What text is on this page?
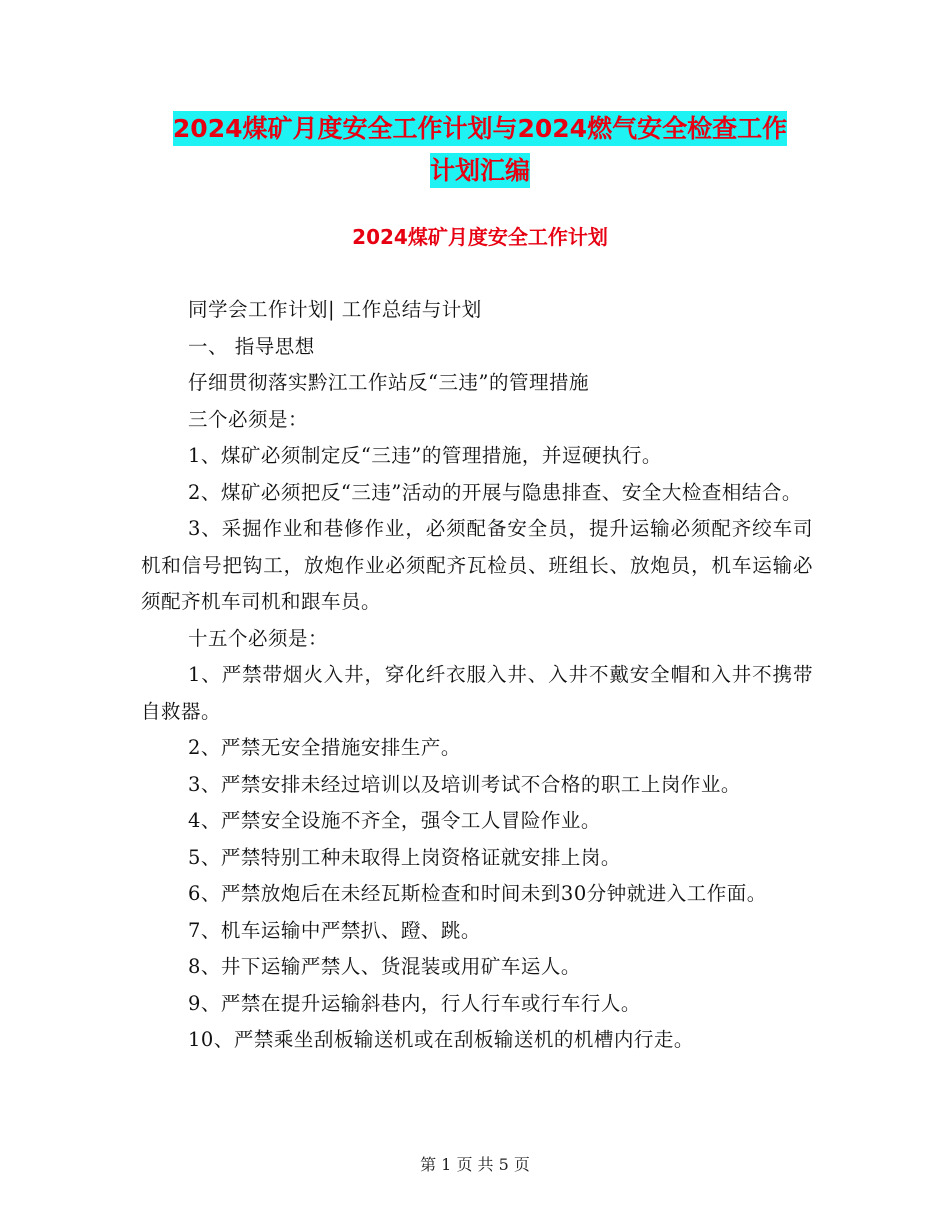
2024煤矿月度安全工作计划与2024燃气安全检查工作
计划汇编
2024煤矿月度安全工作计划

同学会工作计划| 工作总结与计划

一、 指导思想

仔细贯彻落实黔江工作站反“三违”的管理措施

三个必须是：

1、煤矿必须制定反“三违”的管理措施，并逗硬执行。

2、煤矿必须把反“三违”活动的开展与隐患排查、安全大检查相结合。

3、采掘作业和巷修作业，必须配备安全员，提升运输必须配齐绞车司机和信号把钩工，放炮作业必须配齐瓦检员、班组长、放炮员，机车运输必须配齐机车司机和跟车员。

十五个必须是：

1、严禁带烟火入井，穿化纤衣服入井、入井不戴安全帽和入井不携带自救器。

2、严禁无安全措施安排生产。

3、严禁安排未经过培训以及培训考试不合格的职工上岗作业。

4、严禁安全设施不齐全，强令工人冒险作业。

5、严禁特别工种未取得上岗资格证就安排上岗。

6、严禁放炮后在未经瓦斯检查和时间未到30分钟就进入工作面。

7、机车运输中严禁扒、蹬、跳。

8、井下运输严禁人、货混装或用矿车运人。

9、严禁在提升运输斜巷内，行人行车或行车行人。

10、严禁乘坐刮板输送机或在刮板输送机的机槽内行走。

第 1 页 共 5 页
